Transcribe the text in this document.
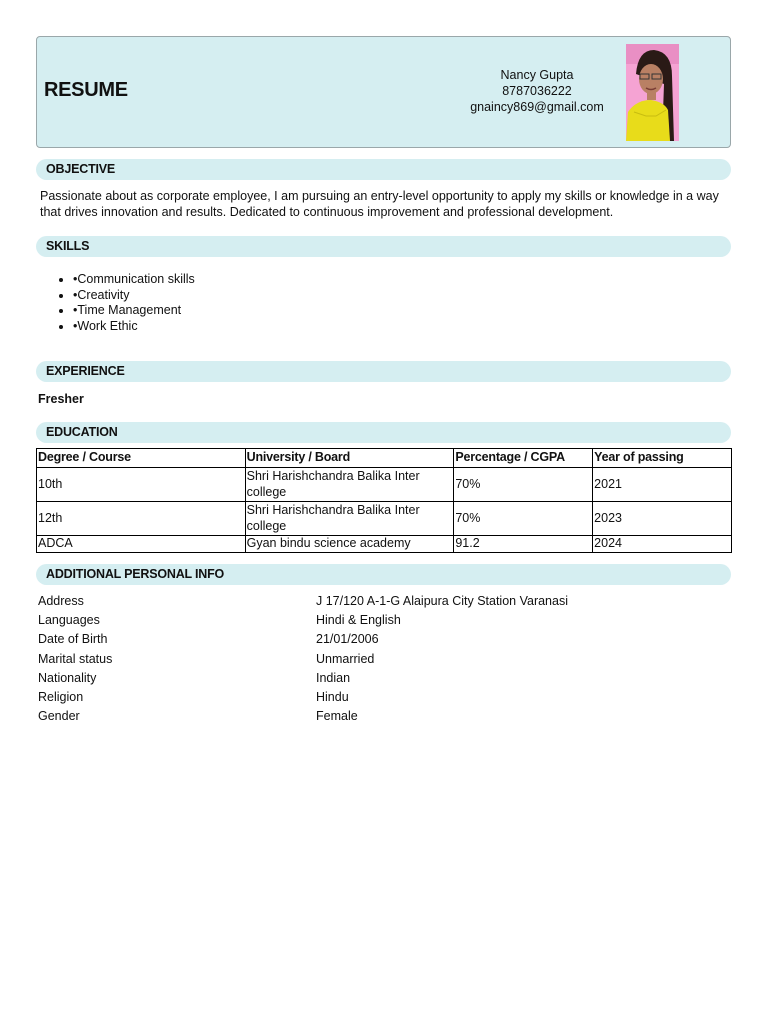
RESUME
Nancy Gupta
8787036222
gnaincy869@gmail.com
OBJECTIVE
Passionate about as corporate employee, I am pursuing an entry-level opportunity to apply my skills or knowledge in a way that drives innovation and results. Dedicated to continuous improvement and professional development.
SKILLS
• •Communication skills
• •Creativity
• •Time Management
• •Work Ethic
EXPERIENCE
Fresher
EDUCATION
Degree / Course	University / Board	Percentage / CGPA	Year of passing
10th	Shri Harishchandra Balika Inter college	70%	2021
12th	Shri Harishchandra Balika Inter college	70%	2023
ADCA	Gyan bindu science academy	91.2	2024
ADDITIONAL PERSONAL INFO
Address	J 17/120 A-1-G Alaipura City Station Varanasi
Languages	Hindi & English
Date of Birth	21/01/2006
Marital status	Unmarried
Nationality	Indian
Religion	Hindu
Gender	Female
